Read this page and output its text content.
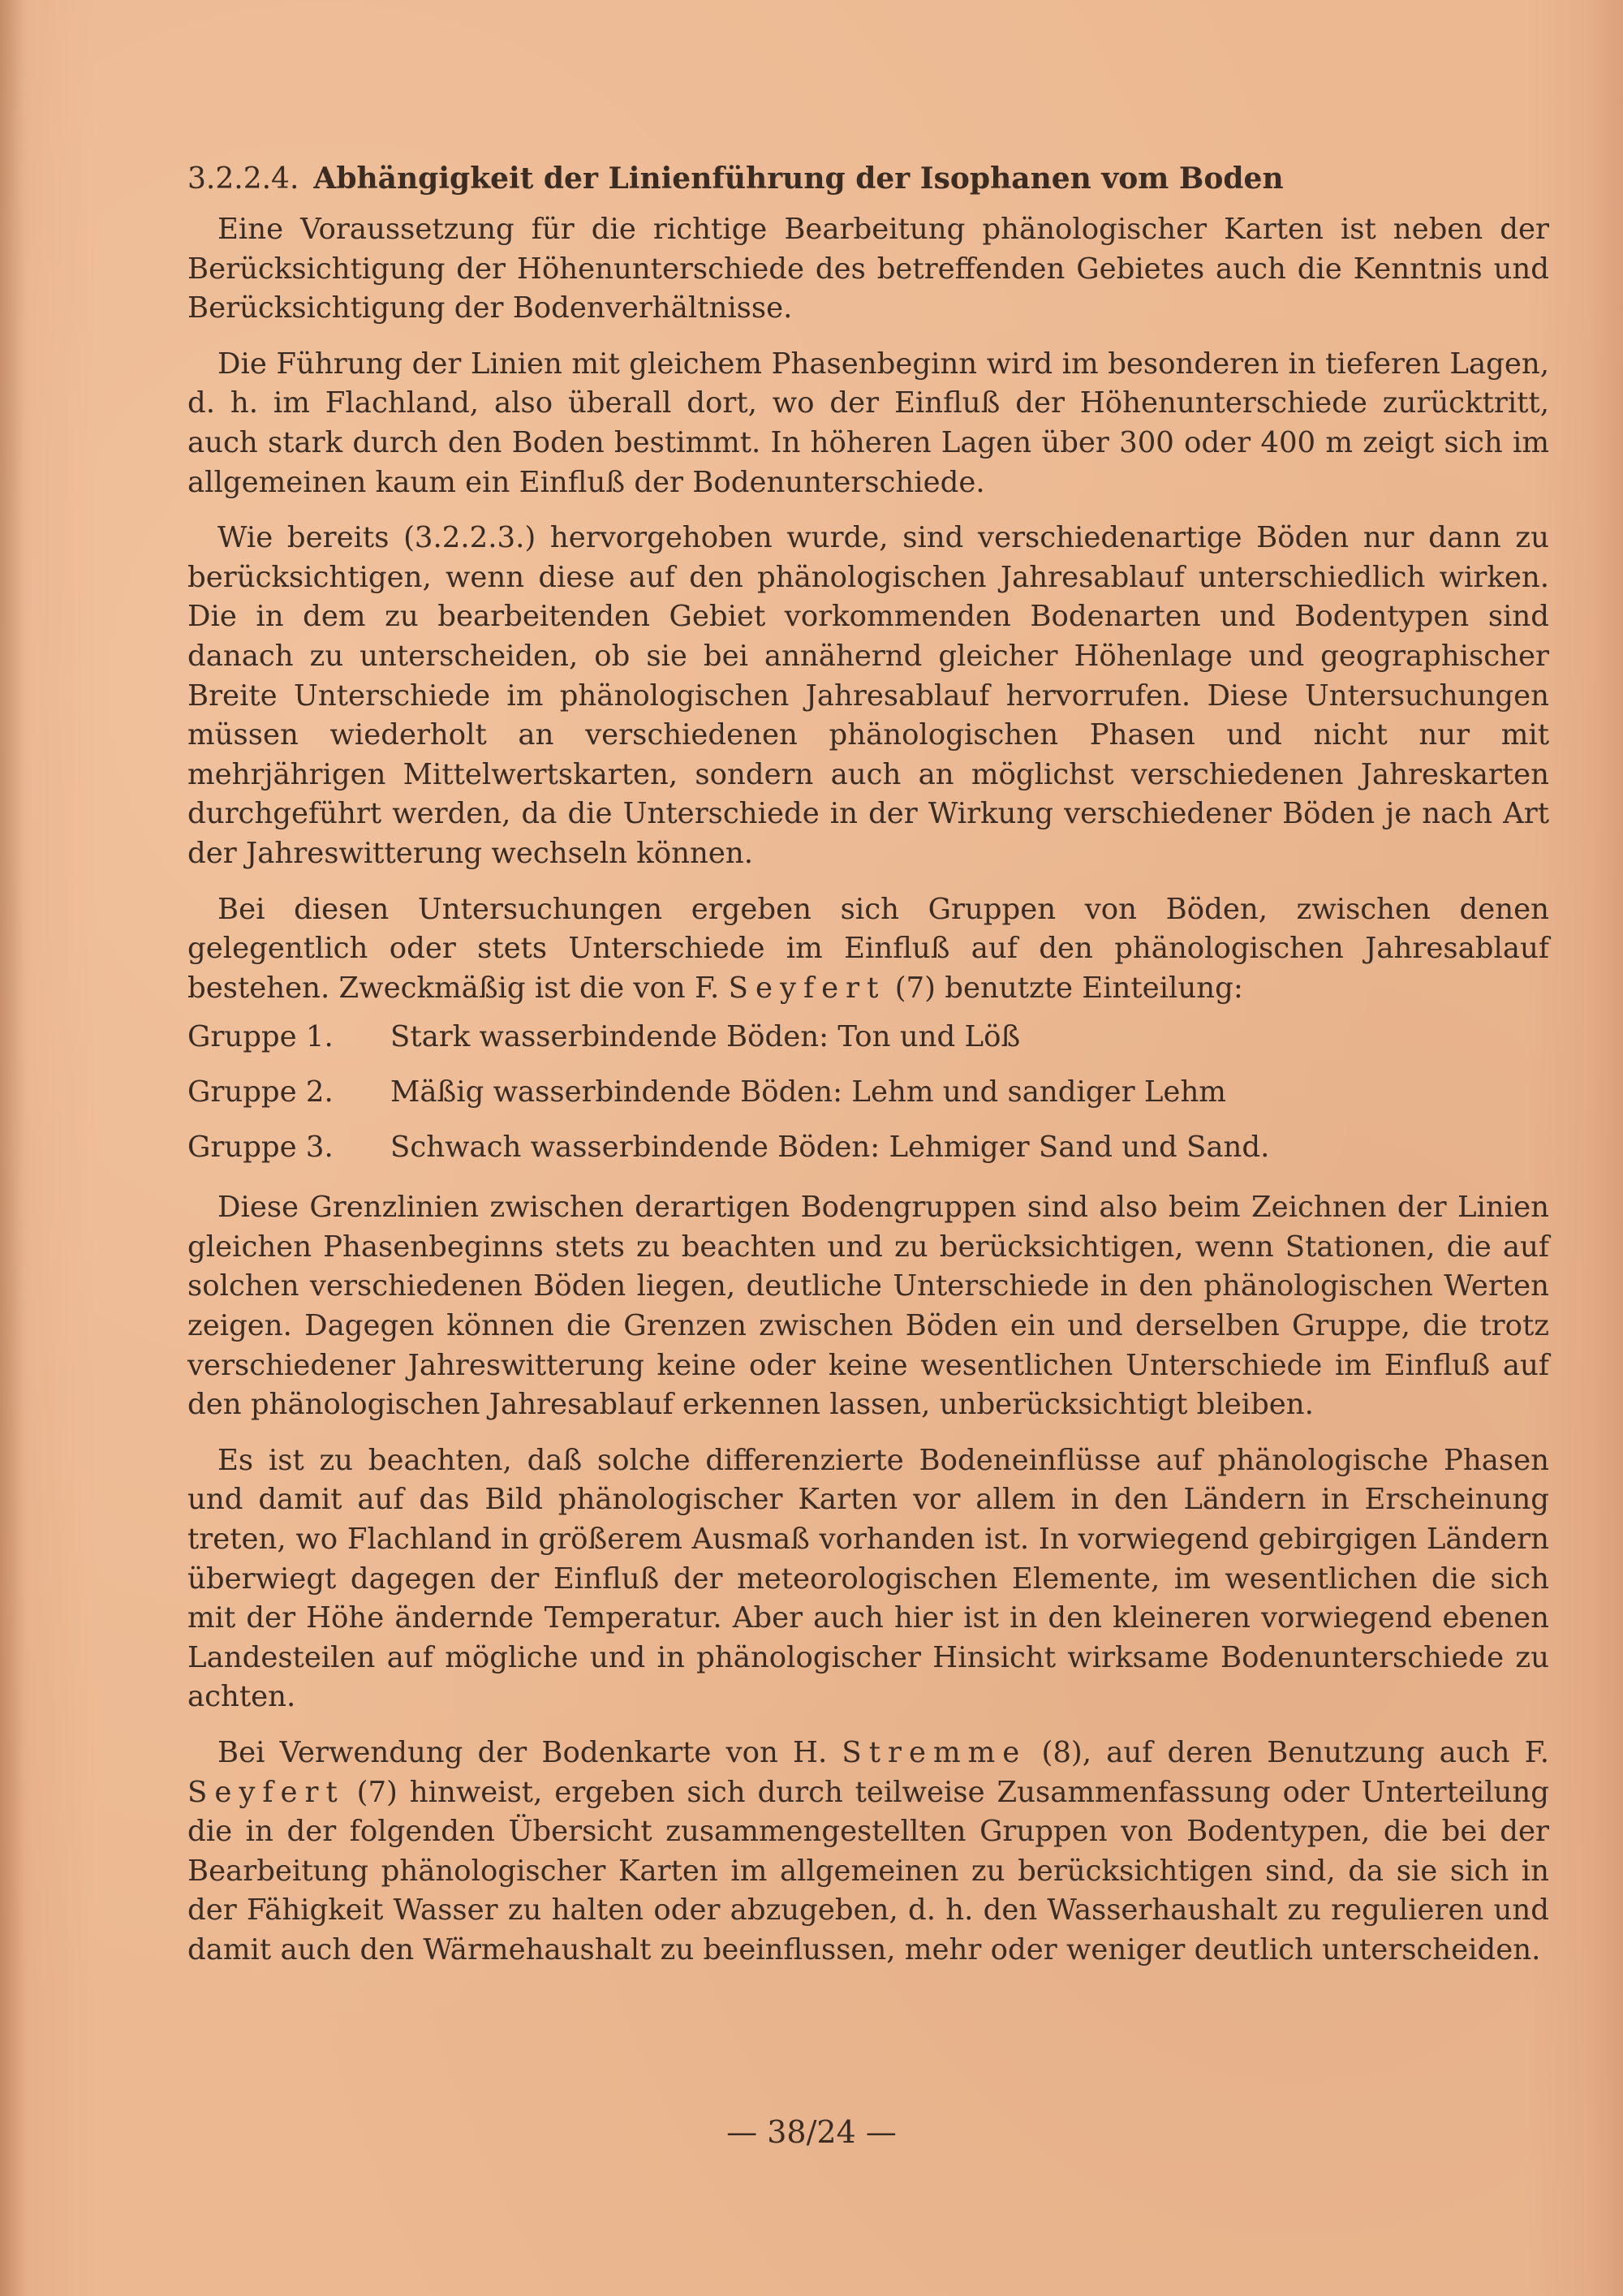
3.2.2.4. Abhängigkeit der Linienführung der Isophanen vom Boden

Eine Voraussetzung für die richtige Bearbeitung phänologischer Karten ist neben der Berücksichtigung der Höhenunterschiede des betreffenden Gebietes auch die Kenntnis und Berücksichtigung der Bodenverhältnisse.

Die Führung der Linien mit gleichem Phasenbeginn wird im besonderen in tieferen Lagen, d. h. im Flachland, also überall dort, wo der Einfluß der Höhenunterschiede zurücktritt, auch stark durch den Boden bestimmt. In höheren Lagen über 300 oder 400 m zeigt sich im allgemeinen kaum ein Einfluß der Bodenunterschiede.

Wie bereits (3.2.2.3.) hervorgehoben wurde, sind verschiedenartige Böden nur dann zu berücksichtigen, wenn diese auf den phänologischen Jahresablauf unterschiedlich wirken. Die in dem zu bearbeitenden Gebiet vorkommenden Bodenarten und Bodentypen sind danach zu unterscheiden, ob sie bei annähernd gleicher Höhenlage und geographischer Breite Unterschiede im phänologischen Jahresablauf hervorrufen. Diese Untersuchungen müssen wiederholt an verschiedenen phänologischen Phasen und nicht nur mit mehrjährigen Mittelwertskarten, sondern auch an möglichst verschiedenen Jahreskarten durchgeführt werden, da die Unterschiede in der Wirkung verschiedener Böden je nach Art der Jahreswitterung wechseln können.

Bei diesen Untersuchungen ergeben sich Gruppen von Böden, zwischen denen gelegentlich oder stets Unterschiede im Einfluß auf den phänologischen Jahresablauf bestehen. Zweckmäßig ist die von F. Seyfert (7) benutzte Einteilung:

Gruppe 1.	Stark wasserbindende Böden: Ton und Löß
Gruppe 2.	Mäßig wasserbindende Böden: Lehm und sandiger Lehm
Gruppe 3.	Schwach wasserbindende Böden: Lehmiger Sand und Sand.

Diese Grenzlinien zwischen derartigen Bodengruppen sind also beim Zeichnen der Linien gleichen Phasenbeginns stets zu beachten und zu berücksichtigen, wenn Stationen, die auf solchen verschiedenen Böden liegen, deutliche Unterschiede in den phänologischen Werten zeigen. Dagegen können die Grenzen zwischen Böden ein und derselben Gruppe, die trotz verschiedener Jahreswitterung keine oder keine wesentlichen Unterschiede im Einfluß auf den phänologischen Jahresablauf erkennen lassen, unberücksichtigt bleiben.

Es ist zu beachten, daß solche differenzierte Bodeneinflüsse auf phänologische Phasen und damit auf das Bild phänologischer Karten vor allem in den Ländern in Erscheinung treten, wo Flachland in größerem Ausmaß vorhanden ist. In vorwiegend gebirgigen Ländern überwiegt dagegen der Einfluß der meteorologischen Elemente, im wesentlichen die sich mit der Höhe ändernde Temperatur. Aber auch hier ist in den kleineren vorwiegend ebenen Landesteilen auf mögliche und in phänologischer Hinsicht wirksame Bodenunterschiede zu achten.

Bei Verwendung der Bodenkarte von H. Stremme (8), auf deren Benutzung auch F. Seyfert (7) hinweist, ergeben sich durch teilweise Zusammenfassung oder Unterteilung die in der folgenden Übersicht zusammengestellten Gruppen von Bodentypen, die bei der Bearbeitung phänologischer Karten im allgemeinen zu berücksichtigen sind, da sie sich in der Fähigkeit Wasser zu halten oder abzugeben, d. h. den Wasserhaushalt zu regulieren und damit auch den Wärmehaushalt zu beeinflussen, mehr oder weniger deutlich unterscheiden.

— 38/24 —
